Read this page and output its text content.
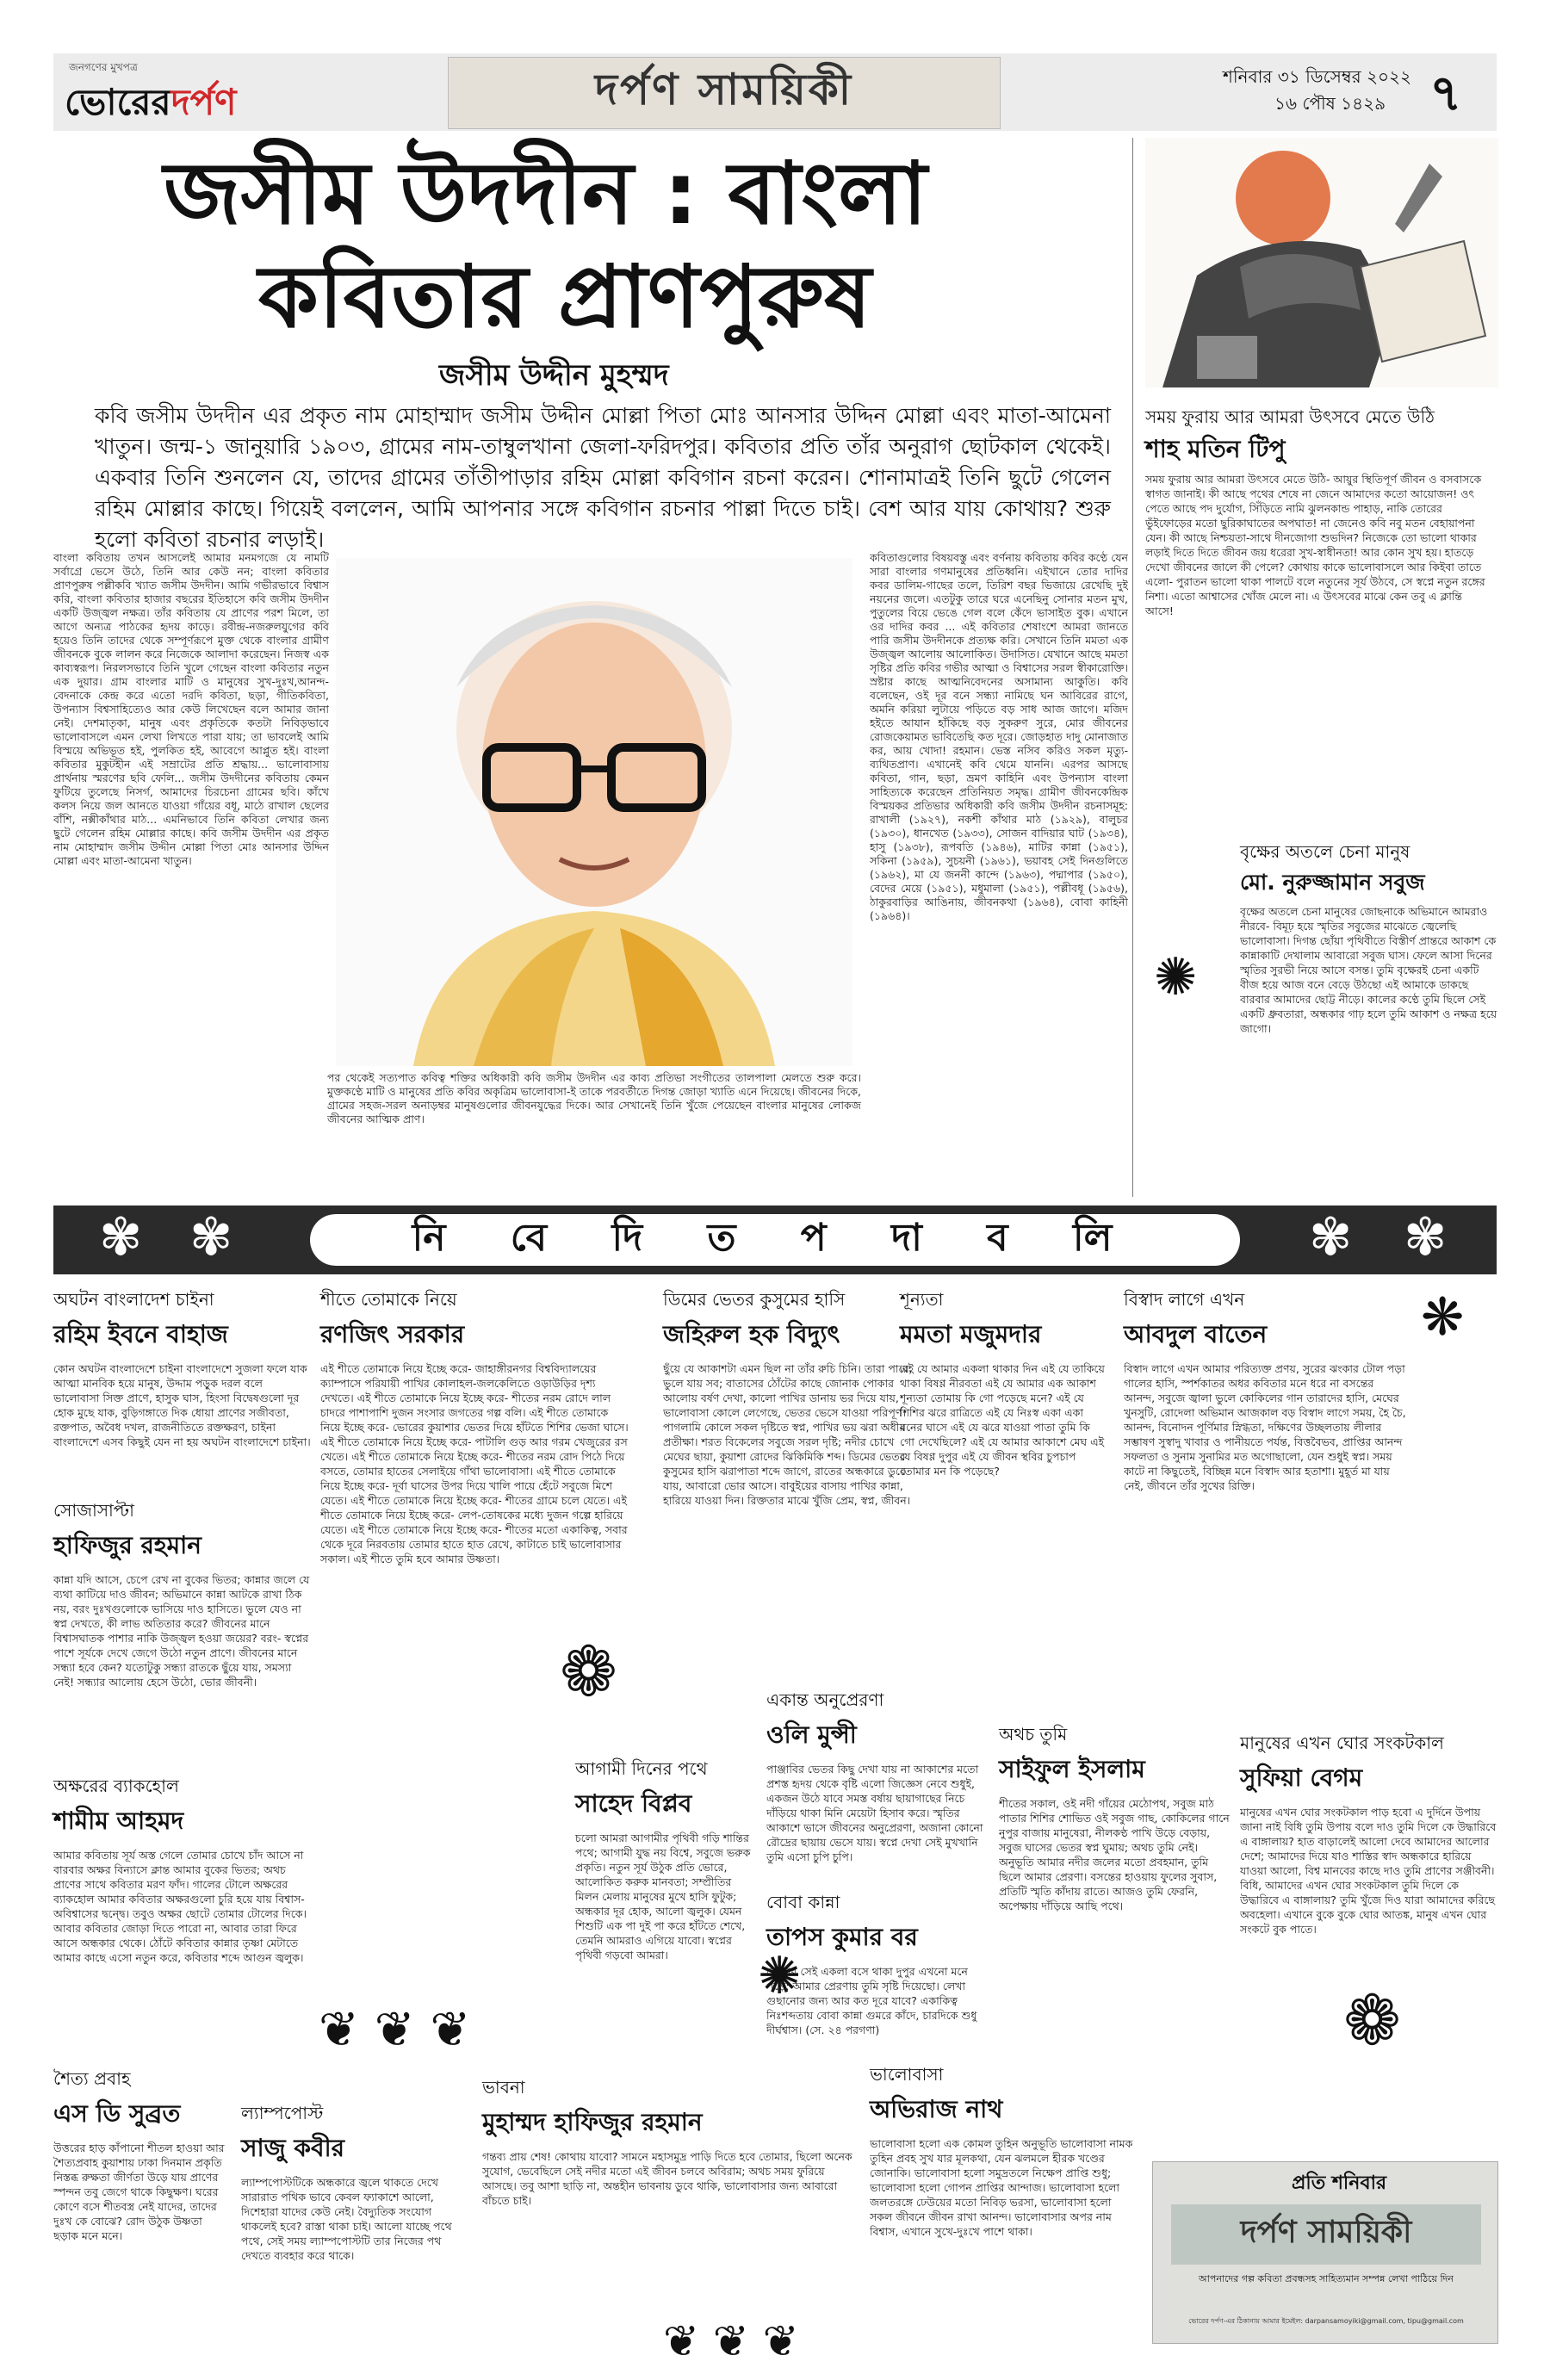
জনগণের মুখপত্র
ভোরেরদর্পণ	দর্পণ সাময়িকী	শনিবার ৩১ ডিসেম্বর ২০২২
১৬ পৌষ ১৪২৯ ৭
জসীম উদদীন : বাংলা
কবিতার প্রাণপুরুষ
জসীম উদ্দীন মুহম্মদ
কবি জসীম উদদীন এর প্রকৃত নাম মোহাম্মাদ জসীম উদ্দীন মোল্লা পিতা মোঃ আনসার উদ্দিন মোল্লা এবং মাতা-আমেনা খাতুন। জন্ম-১ জানুয়ারি ১৯০৩, গ্রামের নাম-তাম্বুলখানা জেলা-ফরিদপুর। কবিতার প্রতি তাঁর অনুরাগ ছোটকাল থেকেই। একবার তিনি শুনলেন যে, তাদের গ্রামের তাঁতীপাড়ার রহিম মোল্লা কবিগান রচনা করেন। শোনামাত্রই তিনি ছুটে গেলেন রহিম মোল্লার কাছে। গিয়েই বললেন, আমি আপনার সঙ্গে কবিগান রচনার পাল্লা দিতে চাই। বেশ আর যায় কোথায়? শুরু হলো কবিতা রচনার লড়াই।
বাংলা কবিতায় তখন আসলেই আমার মনমগজে যে নামটি সর্বাগ্রে ভেসে উঠে, তিনি আর কেউ নন; বাংলা কবিতার প্রাণপুরুষ পল্লীকবি খ্যাত জসীম উদদীন। আমি গভীরভাবে বিশ্বাস করি, বাংলা কবিতার হাজার বছরের ইতিহাসে কবি জসীম উদদীন একটি উজ্জ্বল নক্ষত্র। তাঁর কবিতায় যে প্রাণের পরশ মিলে, তা আগে অন্যত্র পাঠকের হৃদয় কাড়ে। রবীন্দ্র-নজরুলযুগের কবি হয়েও তিনি তাদের থেকে সম্পূর্ণরূপে মুক্ত থেকে বাংলার গ্রামীণ জীবনকে বুকে লালন করে নিজেকে আলাদা করেছেন। নিজস্ব এক কাব্যস্বরূপ। নিরলসভাবে তিনি খুলে গেছেন বাংলা কবিতার নতুন এক দুয়ার। গ্রাম বাংলার মাটি ও মানুষের সুখ-দুঃখ,আনন্দ-বেদনাকে কেন্দ্র করে এতো দরদি কবিতা, ছড়া, গীতিকবিতা, উপন্যাস বিশ্বসাহিত্যেও আর কেউ লিখেছেন বলে আমার জানা নেই। দেশমাতৃকা, মানুষ এবং প্রকৃতিকে কতটা নিবিড়ভাবে ভালোবাসলে এমন লেখা লিখতে পারা যায়; তা ভাবলেই আমি বিস্ময়ে অভিভূত হই, পুলকিত হই, আবেগে আপ্লুত হই। বাংলা কবিতার মুকুটহীন এই সম্রাটের প্রতি শ্রদ্ধায়... ভালোবাসায় প্রার্থনায় স্মরণের ছবি ফেলি... জসীম উদদীনের কবিতায় কেমন ফুটিয়ে তুলেছে নিসর্গ, আমাদের চিরচেনা গ্রামের ছবি। কাঁখে কলস নিয়ে জল আনতে যাওয়া গাঁয়ের বধূ, মাঠে রাখাল ছেলের বাঁশি, নক্সীকাঁথার মাঠ... এমনিভাবে তিনি কবিতা লেখার জন্য ছুটে গেলেন রহিম মোল্লার কাছে। কবি জসীম উদদীন এর প্রকৃত নাম মোহাম্মাদ জসীম উদ্দীন মোল্লা পিতা মোঃ আনসার উদ্দিন মোল্লা এবং মাতা-আমেনা খাতুন।
পর থেকেই সত্যপাত কবিত্ব শক্তির অধিকারী কবি জসীম উদদীন এর কাব্য প্রতিভা সংগীতের তালপালা মেলতে শুরু করে। মুক্তকণ্ঠে মাটি ও মানুষের প্রতি কবির অকৃত্রিম ভালোবাসা-ই তাকে পরবর্তীতে দিগন্ত জোড়া খ্যাতি এনে দিয়েছে। জীবনের দিকে, গ্রামের সহজ-সরল অনাড়ম্বর মানুষগুলোর জীবনযুদ্ধের দিকে। আর সেখানেই তিনি খুঁজে পেয়েছেন বাংলার মানুষের লোকজ জীবনের আত্মিক প্রাণ।
কবিতাগুলোর বিষয়বস্তু এবং বর্ণনায় কবিতায় কবির কণ্ঠে যেন সারা বাংলার গণমানুষের প্রতিধ্বনি। এইখানে তোর দাদির কবর ডালিম-গাছের তলে, তিরিশ বছর ভিজায়ে রেখেছি দুই নয়নের জলে। এতটুকু তারে ঘরে এনেছিনু সোনার মতন মুখ, পুতুলের বিয়ে ভেঙে গেল বলে কেঁদে ভাসাইত বুক। এখানে ওর দাদির কবর ... এই কবিতার শেষাংশে আমরা জানতে পারি জসীম উদদীনকে প্রত্যক্ষ করি। সেখানে তিনি মমতা এক উজ্জ্বল আলোয় আলোকিত। উদাসিত। যেখানে আছে মমতা সৃষ্টির প্রতি কবির গভীর আত্মা ও বিশ্বাসের সরল স্বীকারোক্তি। স্রষ্টার কাছে আত্মনিবেদনের অসামান্য আকুতি। কবি বলেছেন, ওই দূর বনে সন্ধ্যা নামিছে ঘন আবিরের রাগে, অমনি করিয়া লুটায়ে পড়িতে বড় সাধ আজ জাগে। মজিদ হইতে আযান হাঁকিছে বড় সুকরুণ সুরে, মোর জীবনের রোজকেয়ামত ভাবিতেছি কত দূরে। জোড়হাত দাদু মোনাজাত কর, আয় খোদা! রহমান। ভেস্ত নসিব করিও সকল মৃত্যু-ব্যথিতপ্রাণ। এখানেই কবি থেমে যাননি। এরপর আসছে কবিতা, গান, ছড়া, ভ্রমণ কাহিনি এবং উপন্যাস বাংলা সাহিত্যকে করেছেন প্রতিনিয়ত সমৃদ্ধ। গ্রামীণ জীবনকেন্দ্রিক বিস্ময়কর প্রতিভার অধিকারী কবি জসীম উদদীন রচনাসমূহ: রাখালী (১৯২৭), নকশী কাঁথার মাঠ (১৯২৯), বালুচর (১৯৩০), ধানখেত (১৯৩৩), সোজন বাদিয়ার ঘাট (১৯৩৪), হাসু (১৯৩৮), রূপবতি (১৯৪৬), মাটির কান্না (১৯৫১), সকিনা (১৯৫৯), সুচয়নী (১৯৬১), ভয়াবহ সেই দিনগুলিতে (১৯৬২), মা যে জননী কান্দে (১৯৬৩), পদ্মাপার (১৯৫০), বেদের মেয়ে (১৯৫১), মধুমালা (১৯৫১), পল্লীবধূ (১৯৫৬), ঠাকুরবাড়ির আঙিনায়, জীবনকথা (১৯৬৪), বোবা কাহিনী (১৯৬৪)।
সময় ফুরায় আর আমরা উৎসবে মেতে উঠি
শাহ মতিন টিপু
সময় ফুরায় আর আমরা উৎসবে মেতে উঠি- আয়ুর স্থিতিপূর্ণ জীবন ও বসবাসকে স্বাগত জানাই। কী আছে পথের শেষে না জেনে আমাদের কতো আয়োজন! ওৎ পেতে আছে পদ দুর্যোগ, সিঁড়িতে নামি ঝুলনকান্ড পাহাড়, নাকি তোরের ভুঁইফোড়ের মতো ছুরিকাঘাতের অপঘাত! না জেনেও কবি নবু মতন বেহায়াপনা যেন। কী আছে নিশ্চয়তা-সাথে দীনজোগা শুভদিন? নিজেকে তো ভালো থাকার লড়াই দিতে দিতে জীবন জয় ধরেরা সুখ-স্বাধীনতা! আর কোন সুখ হয়। হাতড়ে দেখো জীবনের জালে কী পেলে? কোথায় কাকে ভালোবাসলে আর কিইবা তাতে এলো- পুরাতন ভালো থাকা পালটে বলে নতুনের সূর্য উঠবে, সে স্বপ্নে নতুন রঙ্গের নিশা। এতো আশ্বাসের খোঁজ মেলে না। এ উৎসবের মাঝে কেন তবু এ ক্লান্তি আসে!
বৃক্ষের অতলে চেনা মানুষ
মো. নুরুজ্জামান সবুজ
✺
বৃক্ষের অতলে চেনা মানুষের জোছনাকে অভিমানে আমরাও নীরবে- বিমূঢ় হয়ে স্মৃতির সবুজের মাঝেতে জ্বেলেছি ভালোবাসা। দিগন্ত ছোঁয়া পৃথিবীতে বিস্তীর্ণ প্রান্তরে আকাশ কে কান্নাকাটি দেখালাম আবারো সবুজ ঘাস। ফেলে আসা দিনের স্মৃতির সুরভী নিয়ে আসে বসন্ত। তুমি বৃক্ষেরই চেনা একটি বীজ হয়ে আজ বনে বেড়ে উঠছো এই আমাকে ডাকছে বারবার আমাদের ছোট্ট নীড়ে। কালের কণ্ঠে তুমি ছিলে সেই একটি ধ্রুবতারা, অন্ধকার গাঢ় হলে তুমি আকাশ ও নক্ষত্র হয়ে জাগো।
✾ ✾	✾ ✾
নি বে দি ত প দা ব লি
অঘটন বাংলাদেশ চাইনা
রহিম ইবনে বাহাজ
কোন অঘটন বাংলাদেশে চাইনা বাংলাদেশে সুজলা ফলে যাক আত্মা মানবিক হয়ে মানুষ, উদ্দাম পড়ুক দরল বলে ভালোবাসা সিক্ত প্রাণে, হাসুক ঘাস, হিংসা বিদ্বেষগুলো দূর হোক মুছে যাক, বুড়িগঙ্গাতে দিক ধোয়া প্রাণের সজীবতা, রক্তপাত, অবৈধ দখল, রাজনীতিতে রক্তক্ষরণ, চাইনা বাংলাদেশে এসব কিছুই যেন না হয় অঘটন বাংলাদেশে চাইনা।
সোজাসাপ্টা
হাফিজুর রহমান
কান্না যদি আসে, চেপে রেখ না বুকের ভিতর; কান্নার জলে যে ব্যথা কাটিয়ে দাও জীবন; অভিমানে কান্না আটকে রাখা ঠিক নয়, বরং দুঃখগুলোকে ভাসিয়ে দাও হাসিতে। ভুলে যেও না স্বপ্ন দেখতে, কী লাভ অতিতার করে? জীবনের মানে বিশ্বাসঘাতক পাশার নাকি উজ্জ্বল হওয়া জয়ের? বরং- স্বপ্নের পাশে সূর্যকে দেখে জেগে উঠো নতুন প্রাণে। জীবনের মানে সন্ধ্যা হবে কেন? যতোটুকু সন্ধ্যা রাতকে ছুঁয়ে যায়, সমস্যা নেই! সন্ধ্যার আলোয় হেসে উঠো, ভোর জীবনী।
অক্ষরের ব্যাকহোল
শামীম আহমদ
আমার কবিতায় সূর্য অস্ত গেলে তোমার চোখে চাঁদ আসে না বারবার অক্ষর বিন্যাসে ক্লান্ত আমার বুকের ভিতর; অথচ প্রাণের সাথে কবিতার মরণ ফাঁদ। গালের টোলে অক্ষরের ব্যাকহোল আমার কবিতার অক্ষরগুলো চুরি হয়ে যায় বিশ্বাস-অবিশ্বাসের দ্বন্দ্বে। তবুও অক্ষর ছোটে তোমার টোলের দিকে। আবার কবিতার জোড়া দিতে পারো না, আবার তারা ফিরে আসে অন্ধকার থেকে। ঠোঁটে কবিতার কান্নার তৃষ্ণা মেটাতে আমার কাছে এসো নতুন করে, কবিতার শব্দে আগুন জ্বলুক।
শীতে তোমাকে নিয়ে
রণজিৎ সরকার
এই শীতে তোমাকে নিয়ে ইচ্ছে করে- জাহাঙ্গীরনগর বিশ্ববিদ্যালয়ের ক্যাম্পাসে পরিযায়ী পাখির কোলাহল-জলকেলিতে ওড়াউড়ির দৃশ্য দেখতে। এই শীতে তোমাকে নিয়ে ইচ্ছে করে- শীতের নরম রোদে লাল চাদরে পাশাপাশি দুজন সংসার জগতের গল্প বলি। এই শীতে তোমাকে নিয়ে ইচ্ছে করে- ভোরের কুয়াশার ভেতর দিয়ে হাঁটতে শিশির ভেজা ঘাসে। এই শীতে তোমাকে নিয়ে ইচ্ছে করে- পাটালি গুড় আর গরম খেজুরের রস খেতে। এই শীতে তোমাকে নিয়ে ইচ্ছে করে- শীতের নরম রোদ পিঠে দিয়ে বসতে, তোমার হাতের সেলাইয়ে গাঁথা ভালোবাসা। এই শীতে তোমাকে নিয়ে ইচ্ছে করে- দূর্বা ঘাসের উপর দিয়ে খালি পায়ে হেঁটে সবুজে মিশে যেতে। এই শীতে তোমাকে নিয়ে ইচ্ছে করে- শীতের গ্রামে চলে যেতে। এই শীতে তোমাকে নিয়ে ইচ্ছে করে- লেপ-তোষকের মধ্যে দুজন গল্পে হারিয়ে যেতে। এই শীতে তোমাকে নিয়ে ইচ্ছে করে- শীতের মতো একাকিত্ব, সবার থেকে দূরে নিরবতায় তোমার হাতে হাত রেখে, কাটাতে চাই ভালোবাসার সকাল। এই শীতে তুমি হবে আমার উষ্ণতা।
ডিমের ভেতর কুসুমের হাসি
জহিরুল হক বিদ্যুৎ
ছুঁয়ে যে আকাশটা এমন ছিল না তাঁর রুচি চিনি। তারা পারে, ভুলে যায় সব; বাতাসের ঠোঁটের কাছে জোনাক পোকার আলোয় বর্ষণ দেখা, কালো পাখির ডানায় ভর দিয়ে যায়, ভালোবাসা কোলে লেগেছে, ভেতর ভেসে যাওয়া পরিপূর্ণ। পাগলামি কোলে সকল দৃষ্টিতে স্বপ্ন, পাখির ভয় ঝরা অধীর প্রতীক্ষা। শরত বিকেলের সবুজে সরল দৃষ্টি; নদীর চোখে মেঘের ছায়া, কুয়াশা রোদের ঝিকিমিকি শব্দ। ডিমের ভেতর কুসুমের হাসি ঝরাপাতা শব্দে জাগে, রাতের অন্ধকারে ডুবে যায়, আবারো ভোর আসে। বাবুইয়ের বাসায় পাখির কান্না, হারিয়ে যাওয়া দিন। রিক্ততার মাঝে খুঁজি প্রেম, স্বপ্ন, জীবন।
শূন্যতা
মমতা মজুমদার
এই যে আমার একলা থাকার দিন এই যে তাকিয়ে থাকা বিষণ্ণ নীরবতা এই যে আমার এক আকাশ শূন্যতা তোমায় কি গো পড়েছে মনে? এই যে শিশির ঝরে রাত্রিতে এই যে নিঃস্ব একা একা মনের ঘাসে এই যে ঝরে যাওয়া পাতা তুমি কি গো দেখেছিলে? এই যে আমার আকাশে মেঘ এই যে বিষণ্ণ দুপুর এই যে জীবন স্থবির চুপচাপ তোমার মন কি পড়েছে?
বিস্বাদ লাগে এখন
আবদুল বাতেন
বিস্বাদ লাগে এখন আমার পরিত্যক্ত প্রণয়, সুরের ঝংকার টোল পড়া গালের হাসি, স্পর্শকাতর অধর কবিতার মনে ধরে না বসন্তের আনন্দ, সবুজে জ্বালা ভুলে কোকিলের গান তারাদের হাসি, মেঘের খুনসুটি, রোদেলা অভিমান আজকাল বড় বিস্বাদ লাগে সময়, হৈ চৈ, আনন্দ, বিনোদন পূর্ণিমার স্নিগ্ধতা, দক্ষিণের উচ্ছলতায় লীলার সম্ভাষণ সুস্বাদু খাবার ও পানীয়তে পর্যন্ত, বিত্তবৈভব, প্রাপ্তির আনন্দ সফলতা ও সুনাম সুনামির মত অগোছালো, যেন শুধুই স্বপ্ন। সময় কাটে না কিছুতেই, বিচ্ছিন্ন মনে বিস্বাদ আর হতাশা। মুহূর্ত মা যায় নেই, জীবনে তাঁর সুখের রিক্তি।
❋
মানুষের এখন ঘোর সংকটকাল
সুফিয়া বেগম
মানুষের এখন ঘোর সংকটকাল পাড় হবো এ দুর্দিনে উপায় জানা নাই বিধি তুমি উপায় বলে দাও তুমি দিলে কে উদ্ধারিবে এ বাঙ্গালায়? হাত বাড়ালেই আলো দেবে আমাদের আলোর দেশে; আমাদের দিয়ে যাও শাস্তির স্বাদ অন্ধকারে হারিয়ে যাওয়া আলো, বিশ্ব মানবের কাছে দাও তুমি প্রাণের সঞ্জীবনী। বিধি, আমাদের এখন ঘোর সংকটকাল তুমি দিলে কে উদ্ধারিবে এ বাঙ্গালায়? তুমি খুঁজে দিও যারা আমাদের করিছে অবহেলা। এখানে বুকে বুকে ঘোর আতঙ্ক, মানুষ এখন ঘোর সংকটে বুক পাতে।
একান্ত অনুপ্রেরণা
ওলি মুন্সী
পাঞ্জাবির ভেতর কিছু দেখা যায় না আকাশের মতো প্রশস্ত হৃদয় থেকে বৃষ্টি এলো জিজ্ঞেস নেবে শুধুই, একজন উঠে যাবে সমস্ত বর্ষায় ছায়াগাছের নিচে দাঁড়িয়ে থাকা মিনি মেয়েটা হিসাব করে। স্মৃতির আকাশে ভাসে জীবনের অনুপ্রেরণা, অজানা কোনো রৌদ্রের ছায়ায় ভেসে যায়। স্বপ্নে দেখা সেই মুখখানি তুমি এসো চুপি চুপি।
আগামী দিনের পথে
সাহেদ বিপ্লব
চলো আমরা আগামীর পৃথিবী গড়ি শান্তির পথে; আগামী যুদ্ধ নয় বিশ্বে, সবুজে ভরুক প্রকৃতি। নতুন সূর্য উঠুক প্রতি ভোরে, আলোকিত করুক মানবতা; সম্প্রীতির মিলন মেলায় মানুষের মুখে হাসি ফুটুক; অন্ধকার দূর হোক, আলো জ্বলুক। যেমন শিশুটি এক পা দুই পা করে হাঁটতে শেখে, তেমনি আমরাও এগিয়ে যাবো। স্বপ্নের পৃথিবী গড়বো আমরা।
বোবা কান্না
তাপস কুমার বর
তোমার সেই একলা বসে থাকা দুপুর এখনো মনে পড়ে; আমার প্রেরণায় তুমি সৃষ্টি দিয়েছো। লেখা গুছানোর জন্য আর কত দূরে যাবে? একাকিত্ব নিঃশব্দতায় বোবা কান্না গুমরে কাঁদে, চারদিকে শুধু দীর্ঘশ্বাস। (সে. ২৪ পরগণা)
অথচ তুমি
সাইফুল ইসলাম
শীতের সকাল, ওই নদী গাঁয়ের মেঠোপথ, সবুজ মাঠ পাতার শিশির শোভিত ওই সবুজ গাছ, কোকিলের গানে নুপুর বাজায় মানুষেরা, নীলকণ্ঠ পাখি উড়ে বেড়ায়, সবুজ ঘাসের ভেতর স্বপ্ন ঘুমায়; অথচ তুমি নেই। অনুভূতি আমার নদীর জলের মতো প্রবহমান, তুমি ছিলে আমার প্রেরণা। বসন্তের হাওয়ায় ফুলের সুবাস, প্রতিটি স্মৃতি কাঁদায় রাতে। আজও তুমি ফেরনি, অপেক্ষায় দাঁড়িয়ে আছি পথে।
❁
✺
❁
❦ ❦ ❦
❦ ❦ ❦
শৈত্য প্রবাহ
এস ডি সুব্রত
উত্তরের হাড় কাঁপানো শীতল হাওয়া আর শৈত্যপ্রবাহ কুয়াশায় ঢাকা দিনমান প্রকৃতি নিস্তব্ধ রুক্ষতা জীর্ণতা উড়ে যায় প্রাণের স্পন্দন তবু জেগে থাকে কিছুক্ষণ। ঘরের কোণে বসে শীতবস্ত্র নেই যাদের, তাদের দুঃখ কে বোঝে? রোদ উঠুক উষ্ণতা ছড়াক মনে মনে।
ল্যাম্পপোস্ট
সাজু কবীর
ল্যাম্পপোস্টটিকে অন্ধকারে জ্বলে থাকতে দেখে সারারাত পথিক ভাবে কেবল ফ্যাকাশে আলো, দিশেহারা যাদের কেউ নেই। বৈদ্যুতিক সংযোগ থাকলেই হবে? রাস্তা থাকা চাই। আলো যাচ্ছে পথে পথে, সেই সময় ল্যাম্পপোস্টটি তার নিজের পথ দেখতে ব্যবহার করে থাকে।
ভাবনা
মুহাম্মদ হাফিজুর রহমান
গন্তব্য প্রায় শেষ! কোথায় যাবো? সামনে মহাসমুদ্র পাড়ি দিতে হবে তোমার, ছিলো অনেক সুযোগ, ভেবেছিলে সেই নদীর মতো এই জীবন চলবে অবিরাম; অথচ সময় ফুরিয়ে আসছে। তবু আশা ছাড়ি না, অন্তহীন ভাবনায় ডুবে থাকি, ভালোবাসার জন্য আবারো বাঁচতে চাই।
ভালোবাসা
অভিরাজ নাথ
ভালোবাসা হলো এক কোমল তুহিন অনুভূতি ভালোবাসা নামক তুহিন প্রবহ সুখ যার মূলকথা, যেন ঝলমলে হীরক খণ্ডের জোনাকি। ভালোবাসা হলো সমুদ্রতলে নিক্ষেপ প্রাপ্তি শুধু; ভালোবাসা হলো গোপন প্রাপ্তির আন্দাজ। ভালোবাসা হলো জলতরঙ্গে ঢেউয়ের মতো নিবিড় ভরসা, ভালোবাসা হলো সকল জীবনে জীবন রাখা আনন্দ। ভালোবাসার অপর নাম বিশ্বাস, এখানে সুখে-দুঃখে পাশে থাকা।
প্রতি শনিবার
দর্পণ সাময়িকী
আপনাদের গল্প কবিতা প্রবন্ধসহ সাহিত্যমান সম্পন্ন লেখা পাঠিয়ে দিন
ভোরের দর্পণ-এর ঠিকানায় আমার ইমেইল: darpansamoyiki@gmail.com, tipu@gmail.com
